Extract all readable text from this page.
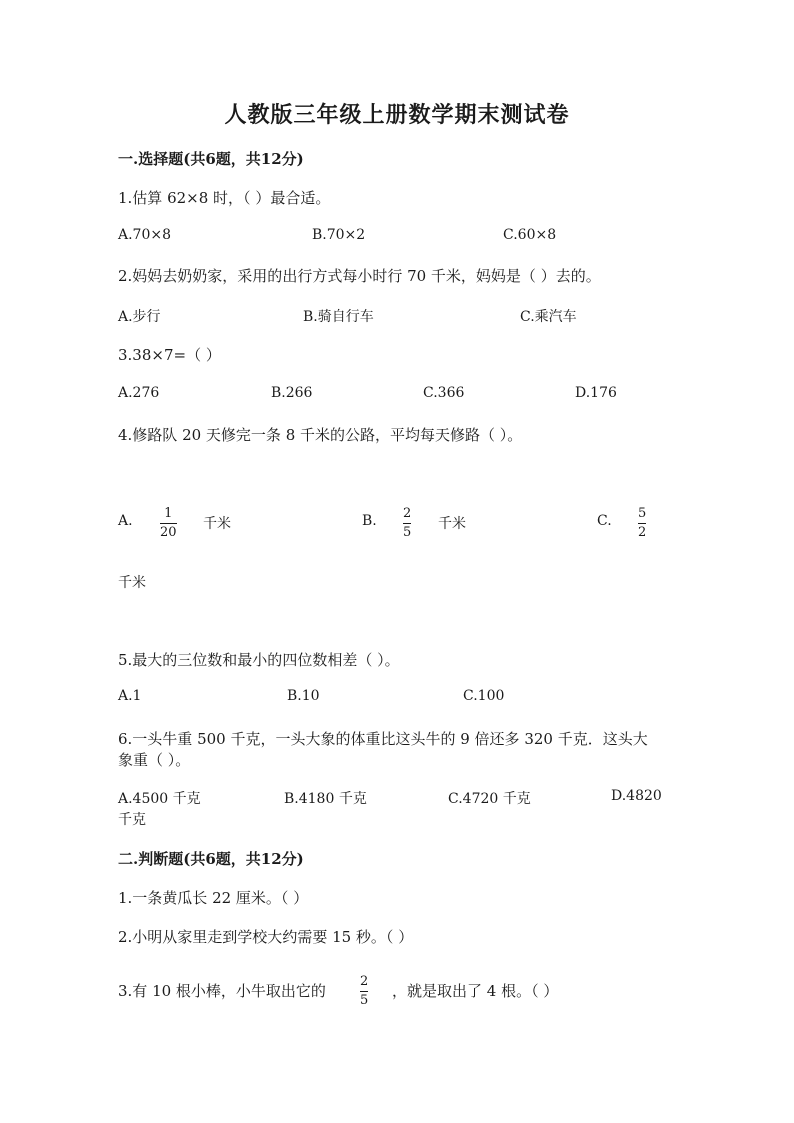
人教版三年级上册数学期末测试卷
一.选择题(共6题，共12分)
1.估算 62×8 时，（ ）最合适。
A.70×8	B.70×2	C.60×8
2.妈妈去奶奶家，采用的出行方式每小时行 70 千米，妈妈是（ ）去的。
A.步行	B.骑自行车	C.乘汽车
3.38×7=（ ）
A.276	B.266	C.366	D.176
4.修路队 20 天修完一条 8 千米的公路，平均每天修路（ ）。
A. 1
20
千米	B. 2
5
千米	C. 5
2
千米
5.最大的三位数和最小的四位数相差（ ）。
A.1	B.10	C.100
6.一头牛重 500 千克，一头大象的体重比这头牛的 9 倍还多 320 千克．这头大
象重（ ）。
A.4500 千克	B.4180 千克	C.4720 千克	D.4820
千克
二.判断题(共6题，共12分)
1.一条黄瓜长 22 厘米。（ ）
2.小明从家里走到学校大约需要 15 秒。（ ）
3.有 10 根小棒，小牛取出它的
2
5
，就是取出了 4 根。（ ）
